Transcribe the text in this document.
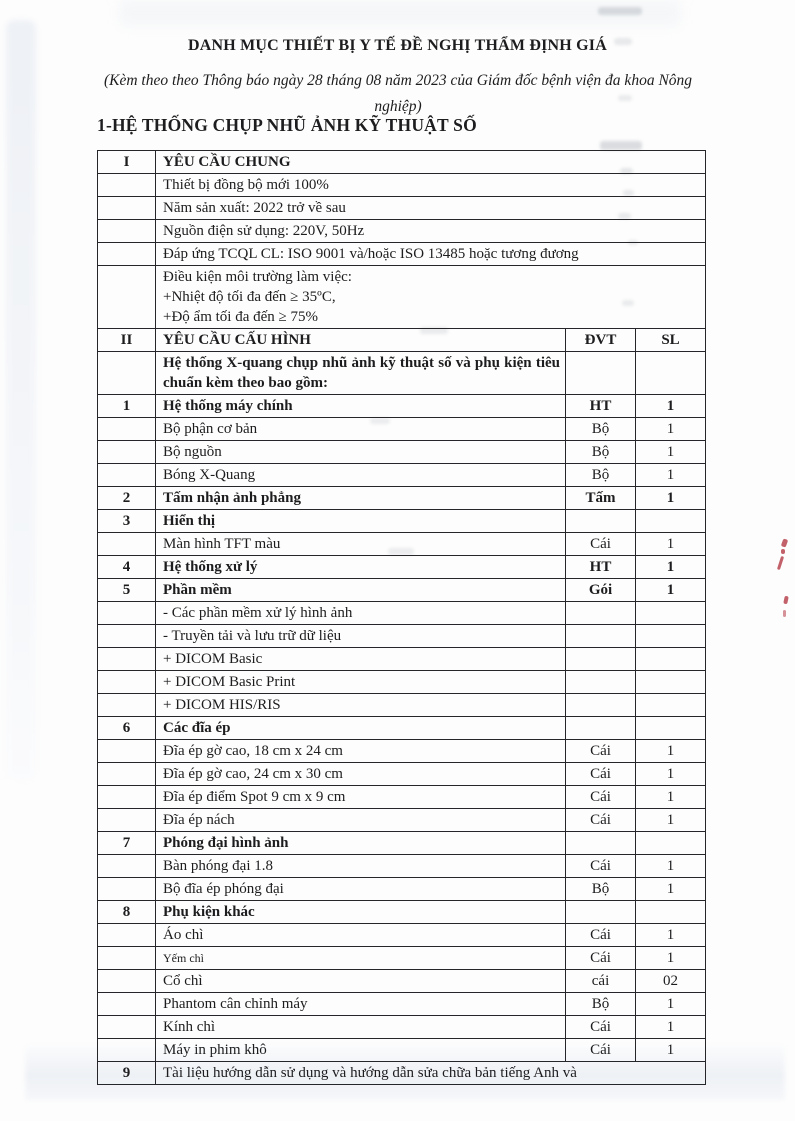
DANH MỤC THIẾT BỊ Y TẾ ĐỀ NGHỊ THẨM ĐỊNH GIÁ
(Kèm theo theo Thông báo ngày 28 tháng 08 năm 2023 của Giám đốc bệnh viện đa khoa Nông
nghiệp)
1-HỆ THỐNG CHỤP NHŨ ẢNH KỸ THUẬT SỐ
I	YÊU CẦU CHUNG		
	Thiết bị đồng bộ mới 100%		
	Năm sản xuất: 2022 trở về sau		
	Nguồn điện sử dụng: 220V, 50Hz		
	Đáp ứng TCQL CL: ISO 9001 và/hoặc ISO 13485 hoặc tương đương		

	Điều kiện môi trường làm việc:
+Nhiệt độ tối đa đến ≥ 35ºC,
+Độ ẩm tối đa đến ≥ 75%		

II	YÊU CẦU CẤU HÌNH	ĐVT	SL
	Hệ thống X-quang chụp nhũ ảnh kỹ thuật số và phụ kiện tiêu chuẩn kèm theo bao gồm:		
1	Hệ thống máy chính	HT	1
	Bộ phận cơ bản	Bộ	1
	Bộ nguồn	Bộ	1
	Bóng X-Quang	Bộ	1
2	Tấm nhận ảnh phẳng	Tấm	1
3	Hiển thị		
	Màn hình TFT màu	Cái	1
4	Hệ thống xử lý	HT	1
5	Phần mềm	Gói	1
	- Các phần mềm xử lý hình ảnh		
	- Truyền tải và lưu trữ dữ liệu		
	+ DICOM Basic		
	+ DICOM Basic Print		
	+ DICOM HIS/RIS		
6	Các đĩa ép		
	Đĩa ép gờ cao, 18 cm x 24 cm	Cái	1
	Đĩa ép gờ cao, 24 cm x 30 cm	Cái	1
	Đĩa ép điểm Spot 9 cm x 9 cm	Cái	1
	Đĩa ép nách	Cái	1
7	Phóng đại hình ảnh		
	Bàn phóng đại 1.8	Cái	1
	Bộ đĩa ép phóng đại	Bộ	1
8	Phụ kiện khác		
	Áo chì	Cái	1
	Yếm chì	Cái	1
	Cổ chì	cái	02
	Phantom cân chỉnh máy	Bộ	1
	Kính chì	Cái	1
	Máy in phim khô	Cái	1
9	Tài liệu hướng dẫn sử dụng và hướng dẫn sửa chữa bản tiếng Anh và		
